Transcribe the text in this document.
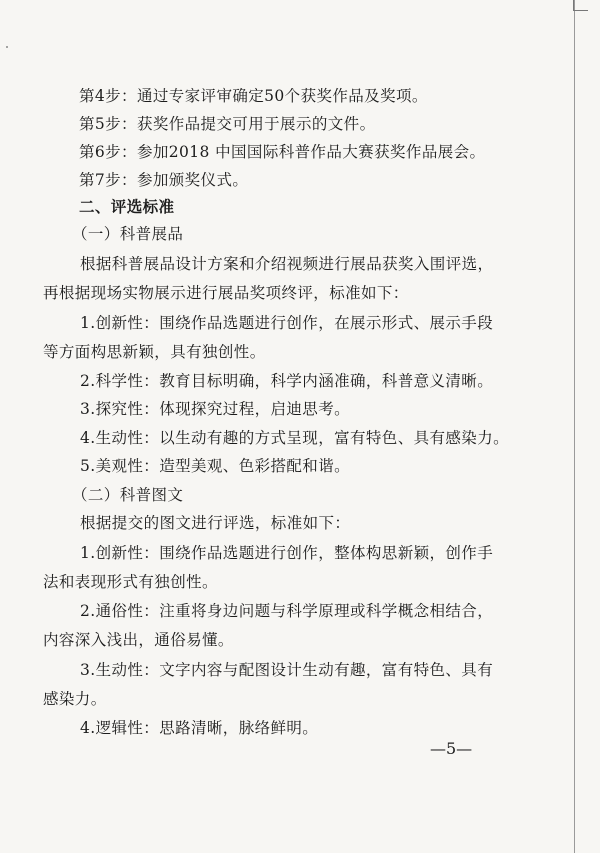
第4步：通过专家评审确定50个获奖作品及奖项。
第5步：获奖作品提交可用于展示的文件。
第6步：参加2018 中国国际科普作品大赛获奖作品展会。
第7步：参加颁奖仪式。
二、评选标准
（一）科普展品
根据科普展品设计方案和介绍视频进行展品获奖入围评选，
再根据现场实物展示进行展品奖项终评，标准如下：
1.创新性：围绕作品选题进行创作，在展示形式、展示手段
等方面构思新颖，具有独创性。
2.科学性：教育目标明确，科学内涵准确，科普意义清晰。
3.探究性：体现探究过程，启迪思考。
4.生动性：以生动有趣的方式呈现，富有特色、具有感染力。
5.美观性：造型美观、色彩搭配和谐。
（二）科普图文
根据提交的图文进行评选，标准如下：
1.创新性：围绕作品选题进行创作，整体构思新颖，创作手
法和表现形式有独创性。
2.通俗性：注重将身边问题与科学原理或科学概念相结合，
内容深入浅出，通俗易懂。
3.生动性：文字内容与配图设计生动有趣，富有特色、具有
感染力。
4.逻辑性：思路清晰，脉络鲜明。
—5—
